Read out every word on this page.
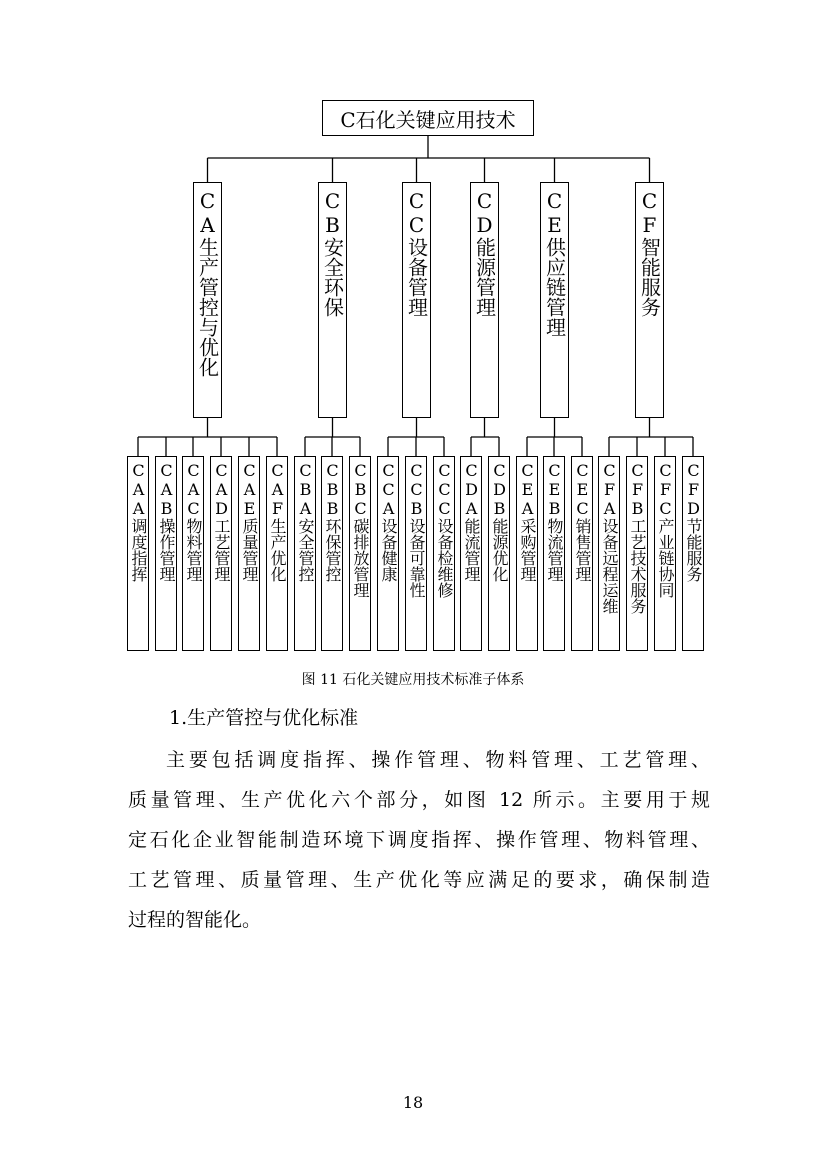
C石化关键应用技术
CA生产管控与优化	CB安全环保	CC设备管理 CD能源管理 CE供应链管理	CF智能服务
CAA调度指挥 CAB操作管理 CAC物料管理 CAD工艺管理 CAE质量管理 CAF生产优化 CBA安全管控 CBB环保管控 CBC碳排放管理 CCA设备健康 CCB设备可靠性 CCC设备检维修 CDA能流管理 CDB能源优化 CEA采购管理 CEB物流管理 CEC销售管理 CFA设备远程运维 CFB工艺技术服务 CFC产业链协同 CFD节能服务
图 11 石化关键应用技术标准子体系
1.生产管控与优化标准
主要包括调度指挥、操作管理、物料管理、工艺管理、
质量管理、生产优化六个部分，如图 12 所示。主要用于规
定石化企业智能制造环境下调度指挥、操作管理、物料管理、
工艺管理、质量管理、生产优化等应满足的要求，确保制造
过程的智能化。
18
